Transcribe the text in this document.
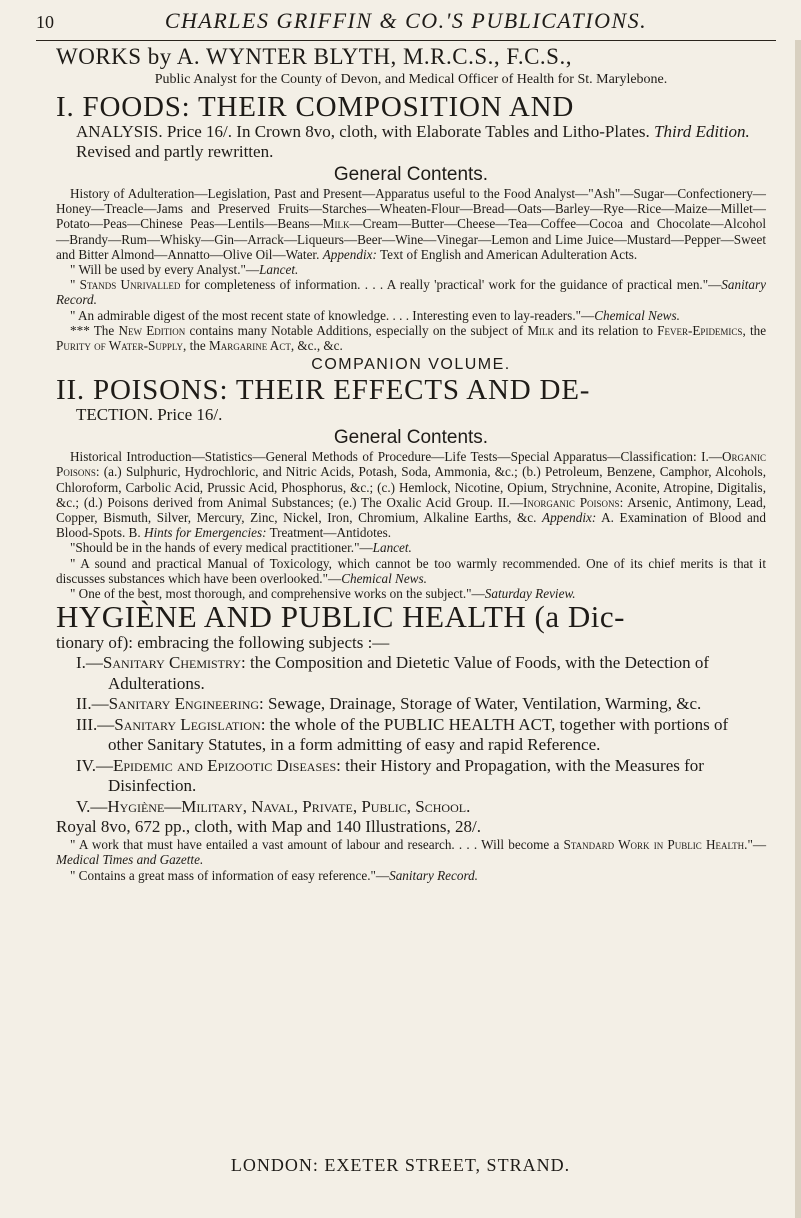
10	CHARLES GRIFFIN & CO.'S PUBLICATIONS.

WORKS by A. WYNTER BLYTH, M.R.C.S., F.C.S.,

Public Analyst for the County of Devon, and Medical Officer of Health for St. Marylebone.

I. FOODS: THEIR COMPOSITION AND

ANALYSIS. Price 16/. In Crown 8vo, cloth, with Elaborate Tables and Litho-Plates. Third Edition. Revised and partly rewritten.

General Contents.

History of Adulteration—Legislation, Past and Present—Apparatus useful to the Food Analyst—"Ash"—Sugar—Confectionery—Honey—Treacle—Jams and Preserved Fruits—Starches—Wheaten-Flour—Bread—Oats—Barley—Rye—Rice—Maize—Millet—Potato—Peas—Chinese Peas—Lentils—Beans—Milk—Cream—Butter—Cheese—Tea—Coffee—Cocoa and Chocolate—Alcohol—Brandy—Rum—Whisky—Gin—Arrack—Liqueurs—Beer—Wine—Vinegar—Lemon and Lime Juice—Mustard—Pepper—Sweet and Bitter Almond—Annatto—Olive Oil—Water. Appendix: Text of English and American Adulteration Acts.

" Will be used by every Analyst."—Lancet.

" Stands Unrivalled for completeness of information. . . . A really 'practical' work for the guidance of practical men."—Sanitary Record.

" An admirable digest of the most recent state of knowledge. . . . Interesting even to lay-readers."—Chemical News.

*** The New Edition contains many Notable Additions, especially on the subject of Milk and its relation to Fever-Epidemics, the Purity of Water-Supply, the Margarine Act, &c., &c.

COMPANION VOLUME.

II. POISONS: THEIR EFFECTS AND DE-

TECTION. Price 16/.

General Contents.

Historical Introduction—Statistics—General Methods of Procedure—Life Tests—Special Apparatus—Classification: I.—Organic Poisons: (a.) Sulphuric, Hydrochloric, and Nitric Acids, Potash, Soda, Ammonia, &c.; (b.) Petroleum, Benzene, Camphor, Alcohols, Chloroform, Carbolic Acid, Prussic Acid, Phosphorus, &c.; (c.) Hemlock, Nicotine, Opium, Strychnine, Aconite, Atropine, Digitalis, &c.; (d.) Poisons derived from Animal Substances; (e.) The Oxalic Acid Group. II.—Inorganic Poisons: Arsenic, Antimony, Lead, Copper, Bismuth, Silver, Mercury, Zinc, Nickel, Iron, Chromium, Alkaline Earths, &c. Appendix: A. Examination of Blood and Blood-Spots. B. Hints for Emergencies: Treatment—Antidotes.

"Should be in the hands of every medical practitioner."—Lancet.

" A sound and practical Manual of Toxicology, which cannot be too warmly recommended. One of its chief merits is that it discusses substances which have been overlooked."—Chemical News.

" One of the best, most thorough, and comprehensive works on the subject."—Saturday Review.

HYGIÈNE AND PUBLIC HEALTH (a Dic-

tionary of): embracing the following subjects :—

I.—Sanitary Chemistry: the Composition and Dietetic Value of Foods, with the Detection of Adulterations.

II.—Sanitary Engineering: Sewage, Drainage, Storage of Water, Ventilation, Warming, &c.

III.—Sanitary Legislation: the whole of the PUBLIC HEALTH ACT, together with portions of other Sanitary Statutes, in a form admitting of easy and rapid Reference.

IV.—Epidemic and Epizootic Diseases: their History and Propagation, with the Measures for Disinfection.

V.—Hygiène—Military, Naval, Private, Public, School.

Royal 8vo, 672 pp., cloth, with Map and 140 Illustrations, 28/.

" A work that must have entailed a vast amount of labour and research. . . . Will become a Standard Work in Public Health."—Medical Times and Gazette.

" Contains a great mass of information of easy reference."—Sanitary Record.

LONDON: EXETER STREET, STRAND.
